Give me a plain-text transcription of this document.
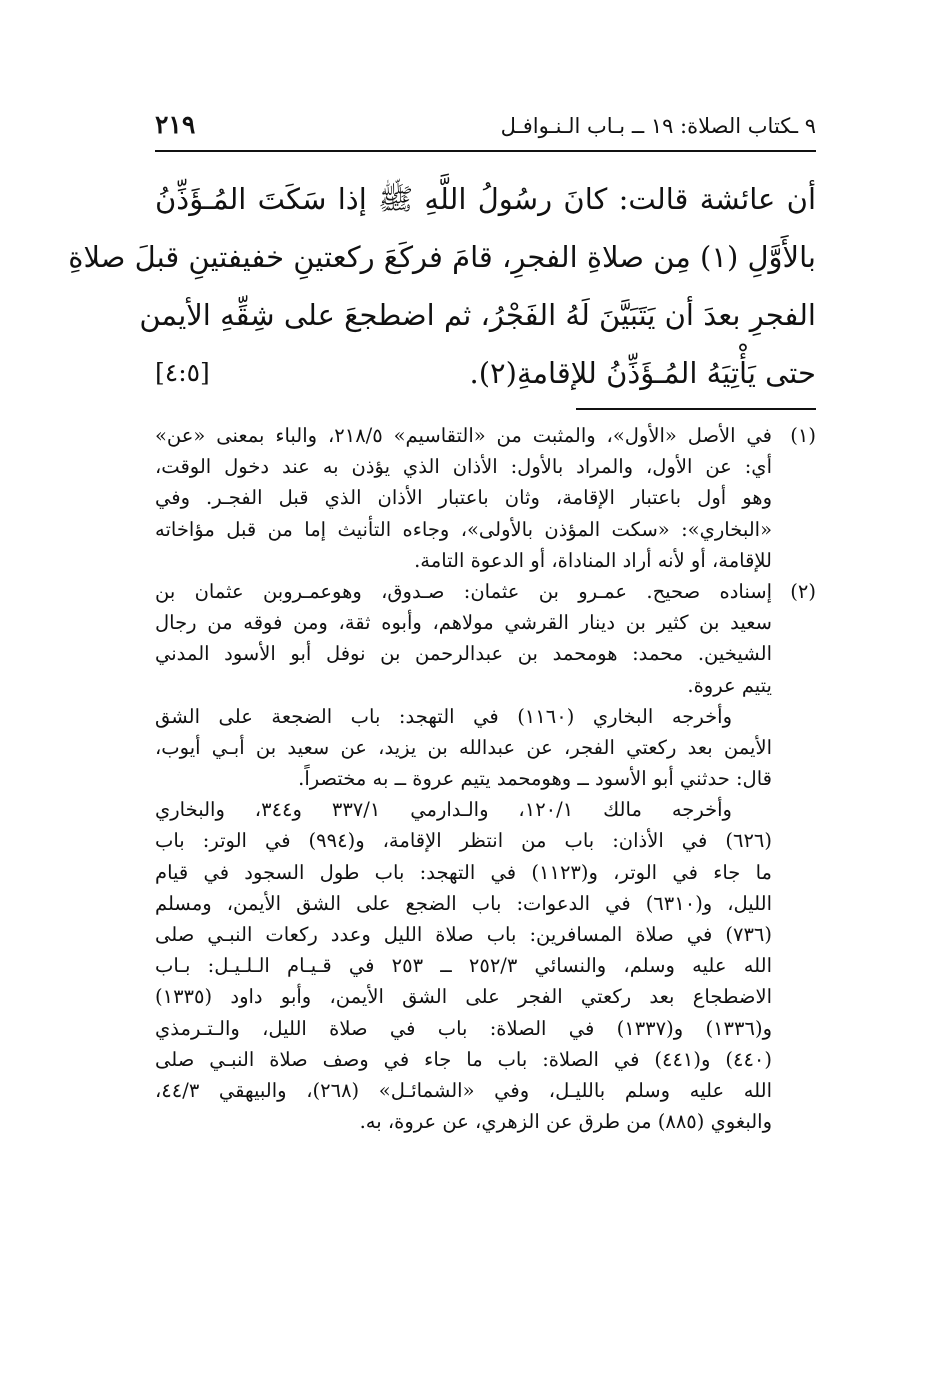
٩ ـكتاب الصلاة: ١٩ ــ بـاب الـنـوافـل
٢١٩
أن عائشة قالت: كانَ رسُولُ اللَّهِ ﷺ إذا سَكَتَ المُـؤَذِّنُ
بالأَوَّلِ (١) مِن صلاةِ الفجرِ، قامَ فركَعَ ركعتينِ خفيفتينِ قبلَ صلاةِ
الفجرِ بعدَ أن يَتَبَيَّنَ لَهُ الفَجْرُ، ثم اضطجعَ على شِقِّهِ الأيمن
حتى يَأْتِيَهُ المُـؤَذِّنُ للإقامةِ(٢).
[٤:٥]
(١)
في الأصل «الأول»، والمثبت من «التقاسيم» ٢١٨/٥، والباء بمعنى «عن»
أي: عن الأول، والمراد بالأول: الأذان الذي يؤذن به عند دخول الوقت،
وهو أول باعتبار الإقامة، وثان باعتبار الأذان الذي قبل الفجـر. وفي
«البخاري»: «سكت المؤذن بالأولى»، وجاءه التأنيث إما من قبل مؤاخاته
للإقامة، أو لأنه أراد المناداة، أو الدعوة التامة.
(٢)
إسناده صحيح. عمـرو بن عثمان: صـدوق، وهوعمـروبن عثمان بن
سعيد بن كثير بن دينار القرشي مولاهم، وأبوه ثقة، ومن فوقه من رجال
الشيخين. محمد: هومحمد بن عبدالرحمن بن نوفل أبو الأسود المدني
يتيم عروة.
وأخرجه البخاري (١١٦٠) في التهجد: باب الضجعة على الشق
الأيمن بعد ركعتي الفجر، عن عبدالله بن يزيد، عن سعيد بن أبـي أيوب،
قال: حدثني أبو الأسود ــ وهومحمد يتيم عروة ــ به مختصراً.
وأخرجه مالك ١٢٠/١، والـدارمي ٣٣٧/١ و٣٤٤، والبخاري
(٦٢٦) في الأذان: باب من انتظر الإقامة، و(٩٩٤) في الوتر: باب
ما جاء في الوتر، و(١١٢٣) في التهجد: باب طول السجود في قيام
الليل، و(٦٣١٠) في الدعوات: باب الضجع على الشق الأيمن، ومسلم
(٧٣٦) في صلاة المسافرين: باب صلاة الليل وعدد ركعات النبـي صلى
الله عليه وسلم، والنسائي ٢٥٢/٣ ــ ٢٥٣ في قـيـام الـلـيـل: بـاب
الاضطجاع بعد ركعتي الفجر على الشق الأيمن، وأبو داود (١٣٣٥)
و(١٣٣٦) و(١٣٣٧) في الصلاة: باب في صلاة الليل، والـتـرمذي
(٤٤٠) و(٤٤١) في الصلاة: باب ما جاء في وصف صلاة النبـي صلى
الله عليه وسلم بالليـل، وفي «الشمائـل» (٢٦٨)، والبيهقي ٤٤/٣،
والبغوي (٨٨٥) من طرق عن الزهري، عن عروة، به.
